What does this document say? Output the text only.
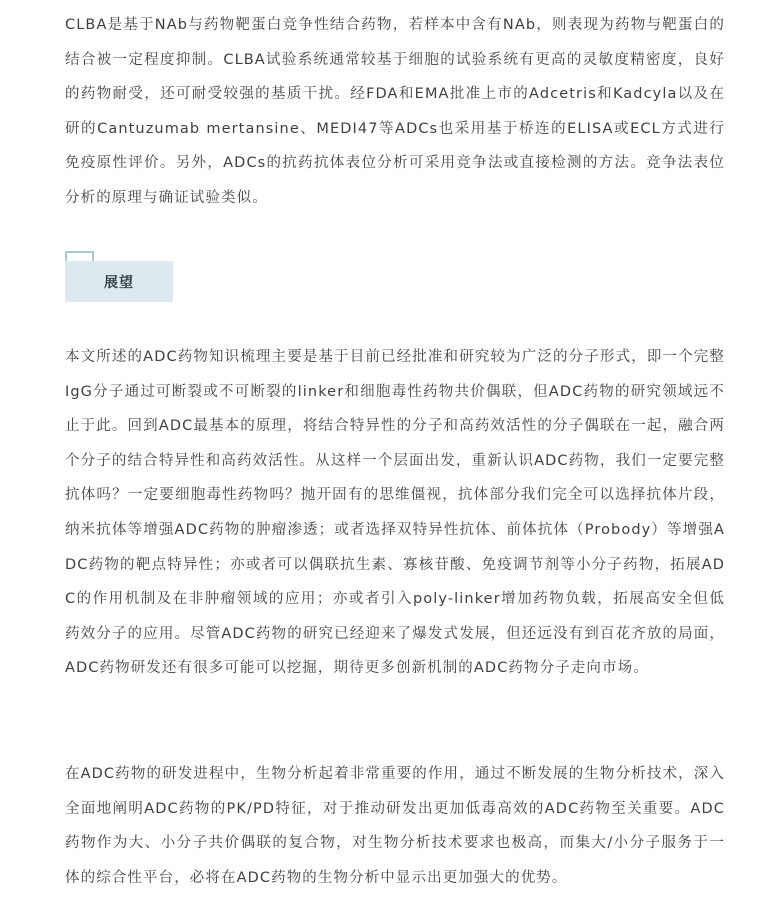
CLBA是基于NAb与药物靶蛋白竞争性结合药物，若样本中含有NAb，则表现为药物与靶蛋白的结合被一定程度抑制。CLBA试验系统通常较基于细胞的试验系统有更高的灵敏度精密度，良好的药物耐受，还可耐受较强的基质干扰。经FDA和EMA批准上市的Adcetris和Kadcyla以及在研的Cantuzumab mertansine、MEDI47等ADCs也采用基于桥连的ELISA或ECL方式进行免疫原性评价。另外，ADCs的抗药抗体表位分析可采用竞争法或直接检测的方法。竞争法表位分析的原理与确证试验类似。

展望

本文所述的ADC药物知识梳理主要是基于目前已经批准和研究较为广泛的分子形式，即一个完整IgG分子通过可断裂或不可断裂的linker和细胞毒性药物共价偶联，但ADC药物的研究领域远不止于此。回到ADC最基本的原理，将结合特异性的分子和高药效活性的分子偶联在一起，融合两个分子的结合特异性和高药效活性。从这样一个层面出发，重新认识ADC药物，我们一定要完整抗体吗？一定要细胞毒性药物吗？抛开固有的思维僵视，抗体部分我们完全可以选择抗体片段，纳米抗体等增强ADC药物的肿瘤渗透；或者选择双特异性抗体、前体抗体（Probody）等增强ADC药物的靶点特异性；亦或者可以偶联抗生素、寡核苷酸、免疫调节剂等小分子药物，拓展ADC的作用机制及在非肿瘤领域的应用；亦或者引入poly-linker增加药物负载，拓展高安全但低药效分子的应用。尽管ADC药物的研究已经迎来了爆发式发展，但还远没有到百花齐放的局面，ADC药物研发还有很多可能可以挖掘，期待更多创新机制的ADC药物分子走向市场。

在ADC药物的研发进程中，生物分析起着非常重要的作用，通过不断发展的生物分析技术，深入全面地阐明ADC药物的PK/PD特征，对于推动研发出更加低毒高效的ADC药物至关重要。ADC药物作为大、小分子共价偶联的复合物，对生物分析技术要求也极高，而集大/小分子服务于一体的综合性平台，必将在ADC药物的生物分析中显示出更加强大的优势。
